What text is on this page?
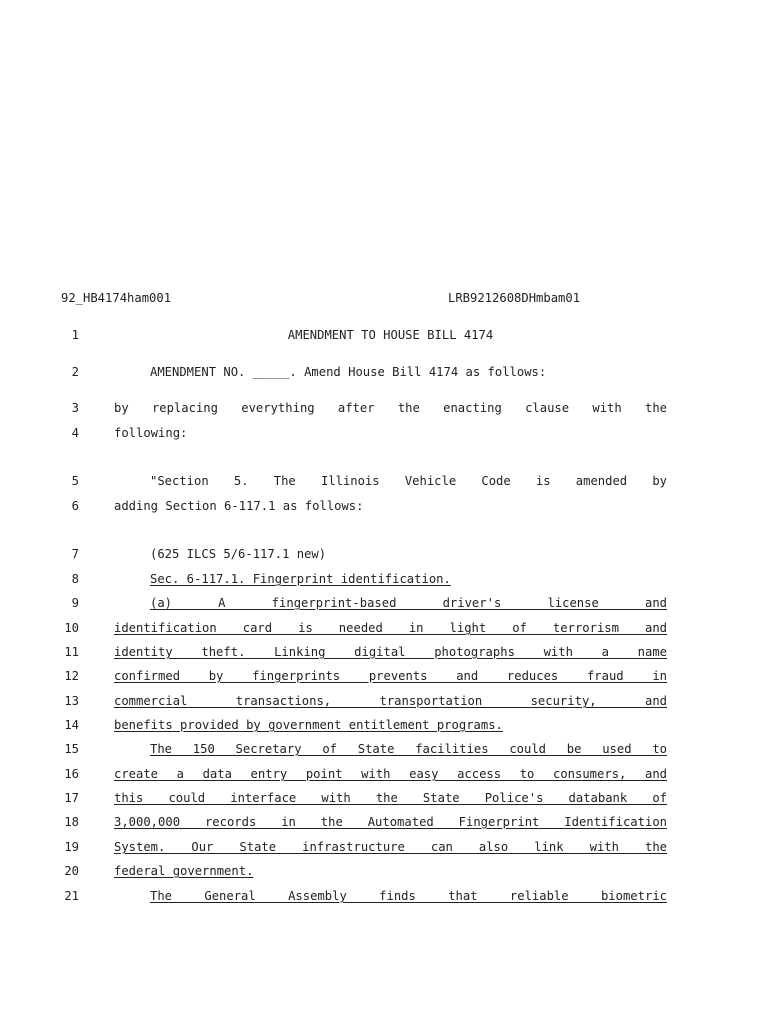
92_HB4174ham001	LRB9212608DHmbam01
1	AMENDMENT TO HOUSE BILL 4174
2	AMENDMENT NO. _____. Amend House Bill 4174 as follows:
3	by replacing everything after the enacting clause with the
4	following:
5	"Section 5. The Illinois Vehicle Code is amended by
6	adding Section 6-117.1 as follows:
7	(625 ILCS 5/6-117.1 new)
8	Sec. 6-117.1. Fingerprint identification.
9	(a) A fingerprint-based driver's license and
10	identification card is needed in light of terrorism and
11	identity theft. Linking digital photographs with a name
12	confirmed by fingerprints prevents and reduces fraud in
13	commercial transactions, transportation security, and
14	benefits provided by government entitlement programs.
15	The 150 Secretary of State facilities could be used to
16	create a data entry point with easy access to consumers, and
17	this could interface with the State Police's databank of
18	3,000,000 records in the Automated Fingerprint Identification
19	System. Our State infrastructure can also link with the
20	federal government.
21	The General Assembly finds that reliable biometric
